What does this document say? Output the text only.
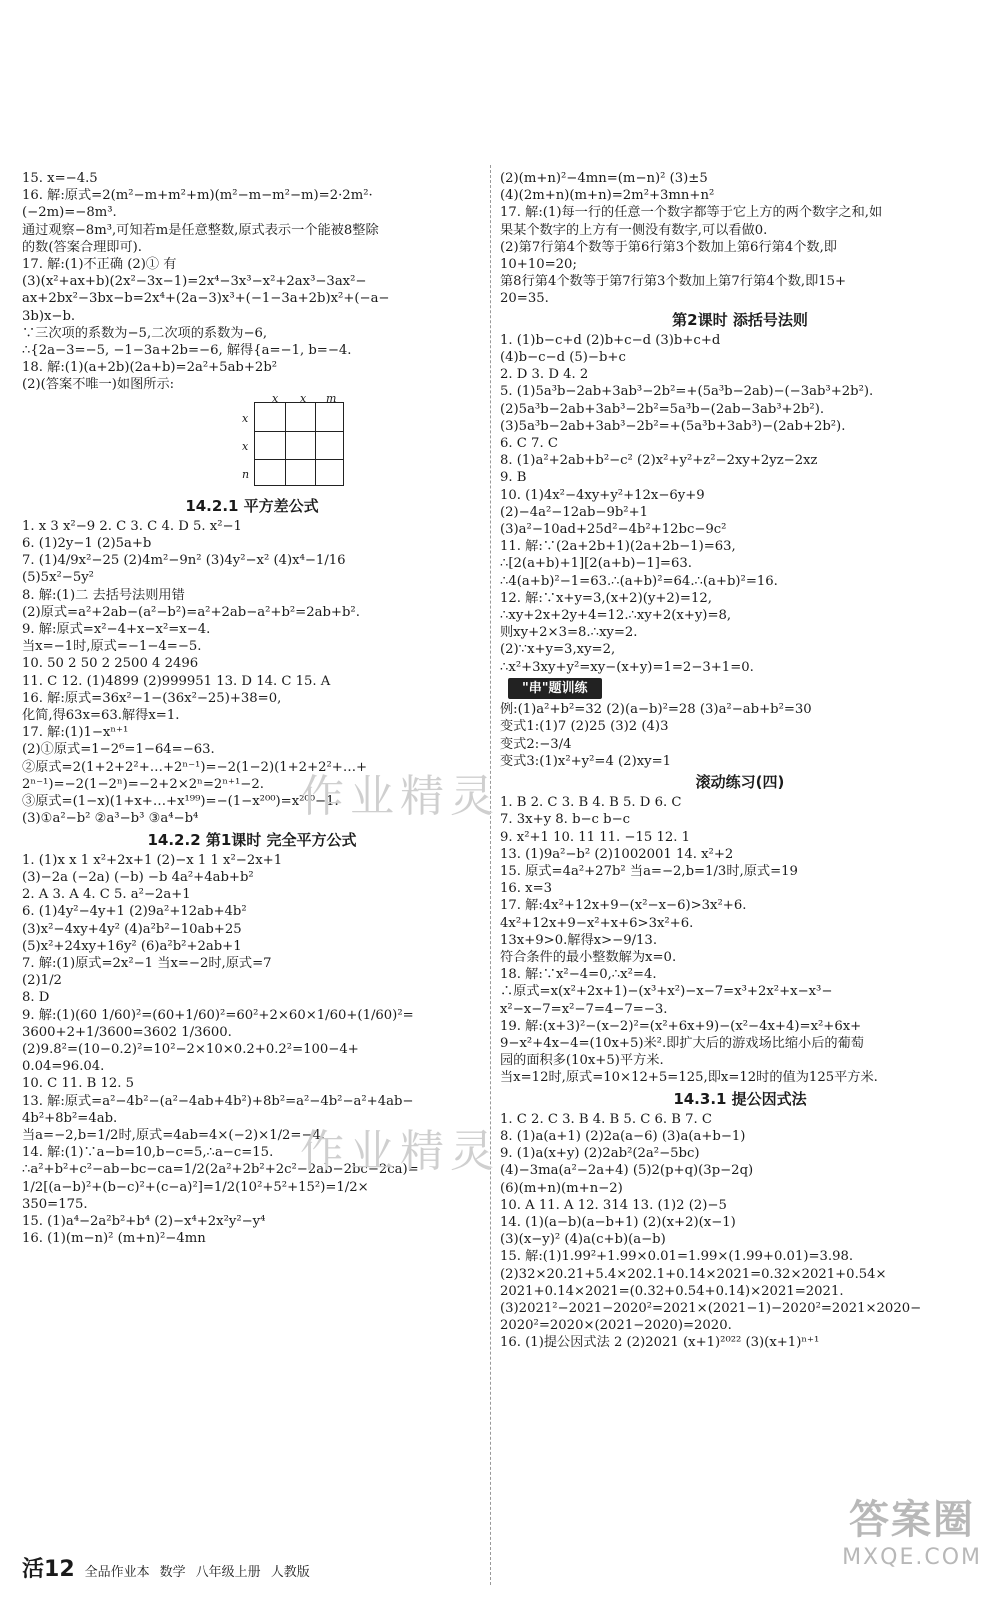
15. x=−4.5
16. 解:原式=2(m²−m+m²+m)(m²−m−m²−m)=2·2m²·
(−2m)=−8m³.
通过观察−8m³,可知若m是任意整数,原式表示一个能被8整除
的数(答案合理即可).
17. 解:(1)不正确 (2)① 有
(3)(x²+ax+b)(2x²−3x−1)=2x⁴−3x³−x²+2ax³−3ax²−
ax+2bx²−3bx−b=2x⁴+(2a−3)x³+(−1−3a+2b)x²+(−a−
3b)x−b.
∵三次项的系数为−5,二次项的系数为−6,
∴{2a−3=−5, −1−3a+2b=−6, 解得{a=−1, b=−4.
18. 解:(1)(a+2b)(2a+b)=2a²+5ab+2b²
(2)(答案不唯一)如图所示:
x x m
x
x
n
14.2.1 平方差公式
1. x 3 x²−9 2. C 3. C 4. D 5. x²−1
6. (1)2y−1 (2)5a+b
7. (1)4/9x²−25 (2)4m²−9n² (3)4y²−x² (4)x⁴−1/16
(5)5x²−5y²
8. 解:(1)二 去括号法则用错
(2)原式=a²+2ab−(a²−b²)=a²+2ab−a²+b²=2ab+b².
9. 解:原式=x²−4+x−x²=x−4.
当x=−1时,原式=−1−4=−5.
10. 50 2 50 2 2500 4 2496
11. C 12. (1)4899 (2)999951 13. D 14. C 15. A
16. 解:原式=36x²−1−(36x²−25)+38=0,
化简,得63x=63.解得x=1.
17. 解:(1)1−xⁿ⁺¹
(2)①原式=1−2⁶=1−64=−63.
②原式=2(1+2+2²+…+2ⁿ⁻¹)=−2(1−2)(1+2+2²+…+
2ⁿ⁻¹)=−2(1−2ⁿ)=−2+2×2ⁿ=2ⁿ⁺¹−2.
③原式=(1−x)(1+x+…+x¹⁹⁹)=−(1−x²⁰⁰)=x²⁰⁰−1.
(3)①a²−b² ②a³−b³ ③a⁴−b⁴
14.2.2 第1课时 完全平方公式
1. (1)x x 1 x²+2x+1 (2)−x 1 1 x²−2x+1
(3)−2a (−2a) (−b) −b 4a²+4ab+b²
2. A 3. A 4. C 5. a²−2a+1
6. (1)4y²−4y+1 (2)9a²+12ab+4b²
(3)x²−4xy+4y² (4)a²b²−10ab+25
(5)x²+24xy+16y² (6)a²b²+2ab+1
7. 解:(1)原式=2x²−1 当x=−2时,原式=7
(2)1/2
8. D
9. 解:(1)(60 1/60)²=(60+1/60)²=60²+2×60×1/60+(1/60)²=
3600+2+1/3600=3602 1/3600.
(2)9.8²=(10−0.2)²=10²−2×10×0.2+0.2²=100−4+
0.04=96.04.
10. C 11. B 12. 5
13. 解:原式=a²−4b²−(a²−4ab+4b²)+8b²=a²−4b²−a²+4ab−
4b²+8b²=4ab.
当a=−2,b=1/2时,原式=4ab=4×(−2)×1/2=−4.
14. 解:(1)∵a−b=10,b−c=5,∴a−c=15.
∴a²+b²+c²−ab−bc−ca=1/2(2a²+2b²+2c²−2ab−2bc−2ca)=
1/2[(a−b)²+(b−c)²+(c−a)²]=1/2(10²+5²+15²)=1/2×
350=175.
15. (1)a⁴−2a²b²+b⁴ (2)−x⁴+2x²y²−y⁴
16. (1)(m−n)² (m+n)²−4mn
(2)(m+n)²−4mn=(m−n)² (3)±5
(4)(2m+n)(m+n)=2m²+3mn+n²
17. 解:(1)每一行的任意一个数字都等于它上方的两个数字之和,如
果某个数字的上方有一侧没有数字,可以看做0.
(2)第7行第4个数等于第6行第3个数加上第6行第4个数,即
10+10=20;
第8行第4个数等于第7行第3个数加上第7行第4个数,即15+
20=35.
第2课时 添括号法则
1. (1)b−c+d (2)b+c−d (3)b+c+d
(4)b−c−d (5)−b+c
2. D 3. D 4. 2
5. (1)5a³b−2ab+3ab³−2b²=+(5a³b−2ab)−(−3ab³+2b²).
(2)5a³b−2ab+3ab³−2b²=5a³b−(2ab−3ab³+2b²).
(3)5a³b−2ab+3ab³−2b²=+(5a³b+3ab³)−(2ab+2b²).
6. C 7. C
8. (1)a²+2ab+b²−c² (2)x²+y²+z²−2xy+2yz−2xz
9. B
10. (1)4x²−4xy+y²+12x−6y+9
(2)−4a²−12ab−9b²+1
(3)a²−10ad+25d²−4b²+12bc−9c²
11. 解:∵(2a+2b+1)(2a+2b−1)=63,
∴[2(a+b)+1][2(a+b)−1]=63.
∴4(a+b)²−1=63.∴(a+b)²=64.∴(a+b)²=16.
12. 解:∵x+y=3,(x+2)(y+2)=12,
∴xy+2x+2y+4=12.∴xy+2(x+y)=8,
则xy+2×3=8.∴xy=2.
(2)∵x+y=3,xy=2,
∴x²+3xy+y²=xy−(x+y)=1=2−3+1=0.
"串"题训练
例:(1)a²+b²=32 (2)(a−b)²=28 (3)a²−ab+b²=30
变式1:(1)7 (2)25 (3)2 (4)3
变式2:−3/4
变式3:(1)x²+y²=4 (2)xy=1
滚动练习(四)
1. B 2. C 3. B 4. B 5. D 6. C
7. 3x+y 8. b−c b−c
9. x²+1 10. 11 11. −15 12. 1
13. (1)9a²−b² (2)1002001 14. x²+2
15. 原式=4a²+27b² 当a=−2,b=1/3时,原式=19
16. x=3
17. 解:4x²+12x+9−(x²−x−6)>3x²+6.
4x²+12x+9−x²+x+6>3x²+6.
13x+9>0.解得x>−9/13.
符合条件的最小整数解为x=0.
18. 解:∵x²−4=0,∴x²=4.
∴原式=x(x²+2x+1)−(x³+x²)−x−7=x³+2x²+x−x³−
x²−x−7=x²−7=4−7=−3.
19. 解:(x+3)²−(x−2)²=(x²+6x+9)−(x²−4x+4)=x²+6x+
9−x²+4x−4=(10x+5)米².即扩大后的游戏场比缩小后的葡萄
园的面积多(10x+5)平方米.
当x=12时,原式=10×12+5=125,即x=12时的值为125平方米.
14.3.1 提公因式法
1. C 2. C 3. B 4. B 5. C 6. B 7. C
8. (1)a(a+1) (2)2a(a−6) (3)a(a+b−1)
9. (1)a(x+y) (2)2ab²(2a²−5bc)
(4)−3ma(a²−2a+4) (5)2(p+q)(3p−2q)
(6)(m+n)(m+n−2)
10. A 11. A 12. 314 13. (1)2 (2)−5
14. (1)(a−b)(a−b+1) (2)(x+2)(x−1)
(3)(x−y)² (4)a(c+b)(a−b)
15. 解:(1)1.99²+1.99×0.01=1.99×(1.99+0.01)=3.98.
(2)32×20.21+5.4×202.1+0.14×2021=0.32×2021+0.54×
2021+0.14×2021=(0.32+0.54+0.14)×2021=2021.
(3)2021²−2021−2020²=2021×(2021−1)−2020²=2021×2020−
2020²=2020×(2021−2020)=2020.
16. (1)提公因式法 2 (2)2021 (x+1)²⁰²² (3)(x+1)ⁿ⁺¹
作业精灵
作业精灵
活12 全品作业本 数学 八年级上册 人教版
答案圈
MXQE.COM
